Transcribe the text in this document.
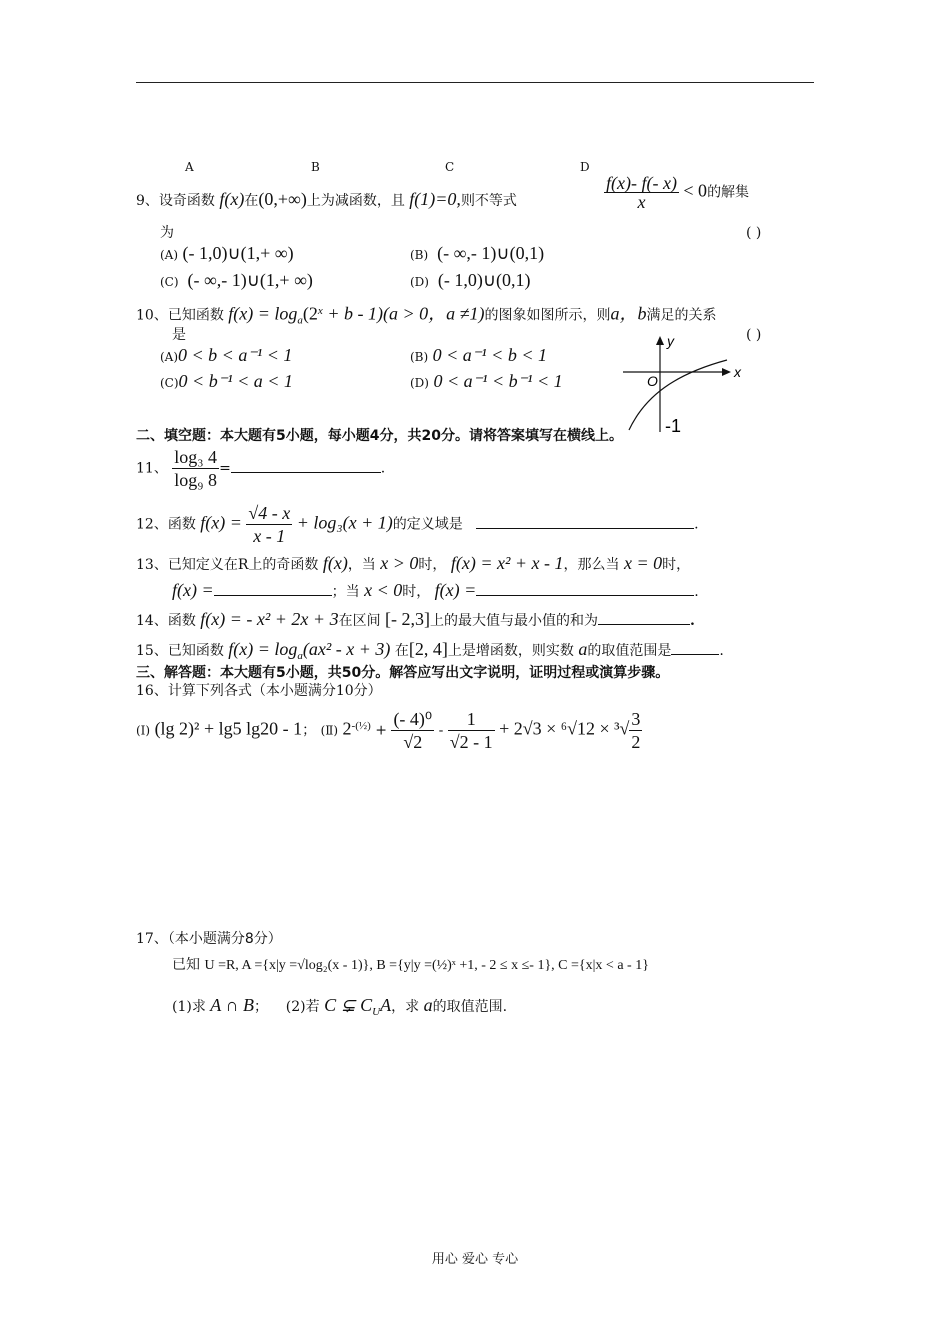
A	B	C	D
9、设奇函数 f(x)在(0,+∞)上为减函数，且 f(1)=0,则不等式	$\frac{f(x)- f(- x)}{x} < 0$的解集
为	( )
(A) (- 1,0)∪(1,+ ∞)	(B) (- ∞,- 1)∪(0,1)
(C) (- ∞,- 1)∪(1,+ ∞)	(D) (- 1,0)∪(0,1)
10、已知函数 $f(x) = \log_a(2^x + b - 1)(a > 0$，a ≠1)的图象如图所示，则a，b满足的关系
是	( )
(A)0 < b < a⁻¹ < 1	(B) 0 < a⁻¹ < b < 1
(C)0 < b⁻¹ < a < 1	(D) 0 < a⁻¹ < b⁻¹ < 1
y
x
O
-1
二、填空题：本大题有5小题，每小题4分，共20分。请将答案填写在横线上。
11、 $\frac{\text{log₃ 4}}{\text{log₉ 8}}$ =	.
12、函数 $f(x) = \frac{√4 - x}{x - 1} + \log_3(x + 1)$的定义域是	.
13、已知定义在R上的奇函数 f(x)，当 x > 0时， f(x) = x² + x - 1，那么当 x = 0时，
f(x) =	；当 x < 0时， f(x) =	.
14、函数 f(x) = - x² + 2x + 3在区间 [- 2,3]上的最大值与最小值的和为	.
15、已知函数 $f(x) = \log_a(ax^2 - x + 3)$ 在[2, 4]上是增函数，则实数 a的取值范围是	.
三、解答题：本大题有5小题，共50分。解答应写出文字说明，证明过程或演算步骤。
16、计算下列各式（本小题满分10分）
(Ⅰ) (lg 2)² + lg5 lg20 - 1； (Ⅱ) $2^{-(\frac{1}{2})} + \frac{\text{(- 4)⁰}}{√2} - \frac{1}{√2 - 1} + 2√3 \times ^6√12 \times ^3√ \frac{3}{2}$
17、（本小题满分8分）
已知 U =R, A ={x|y =√log₂(x - 1)}, B ={y|y =(½)ˣ +1, - 2 ≤ x ≤- 1}, C ={x|x < a - 1}
(1)求 A ∩ B； (2)若 C ⊊ $C_UA$，求 a的取值范围.
用心 爱心 专心
